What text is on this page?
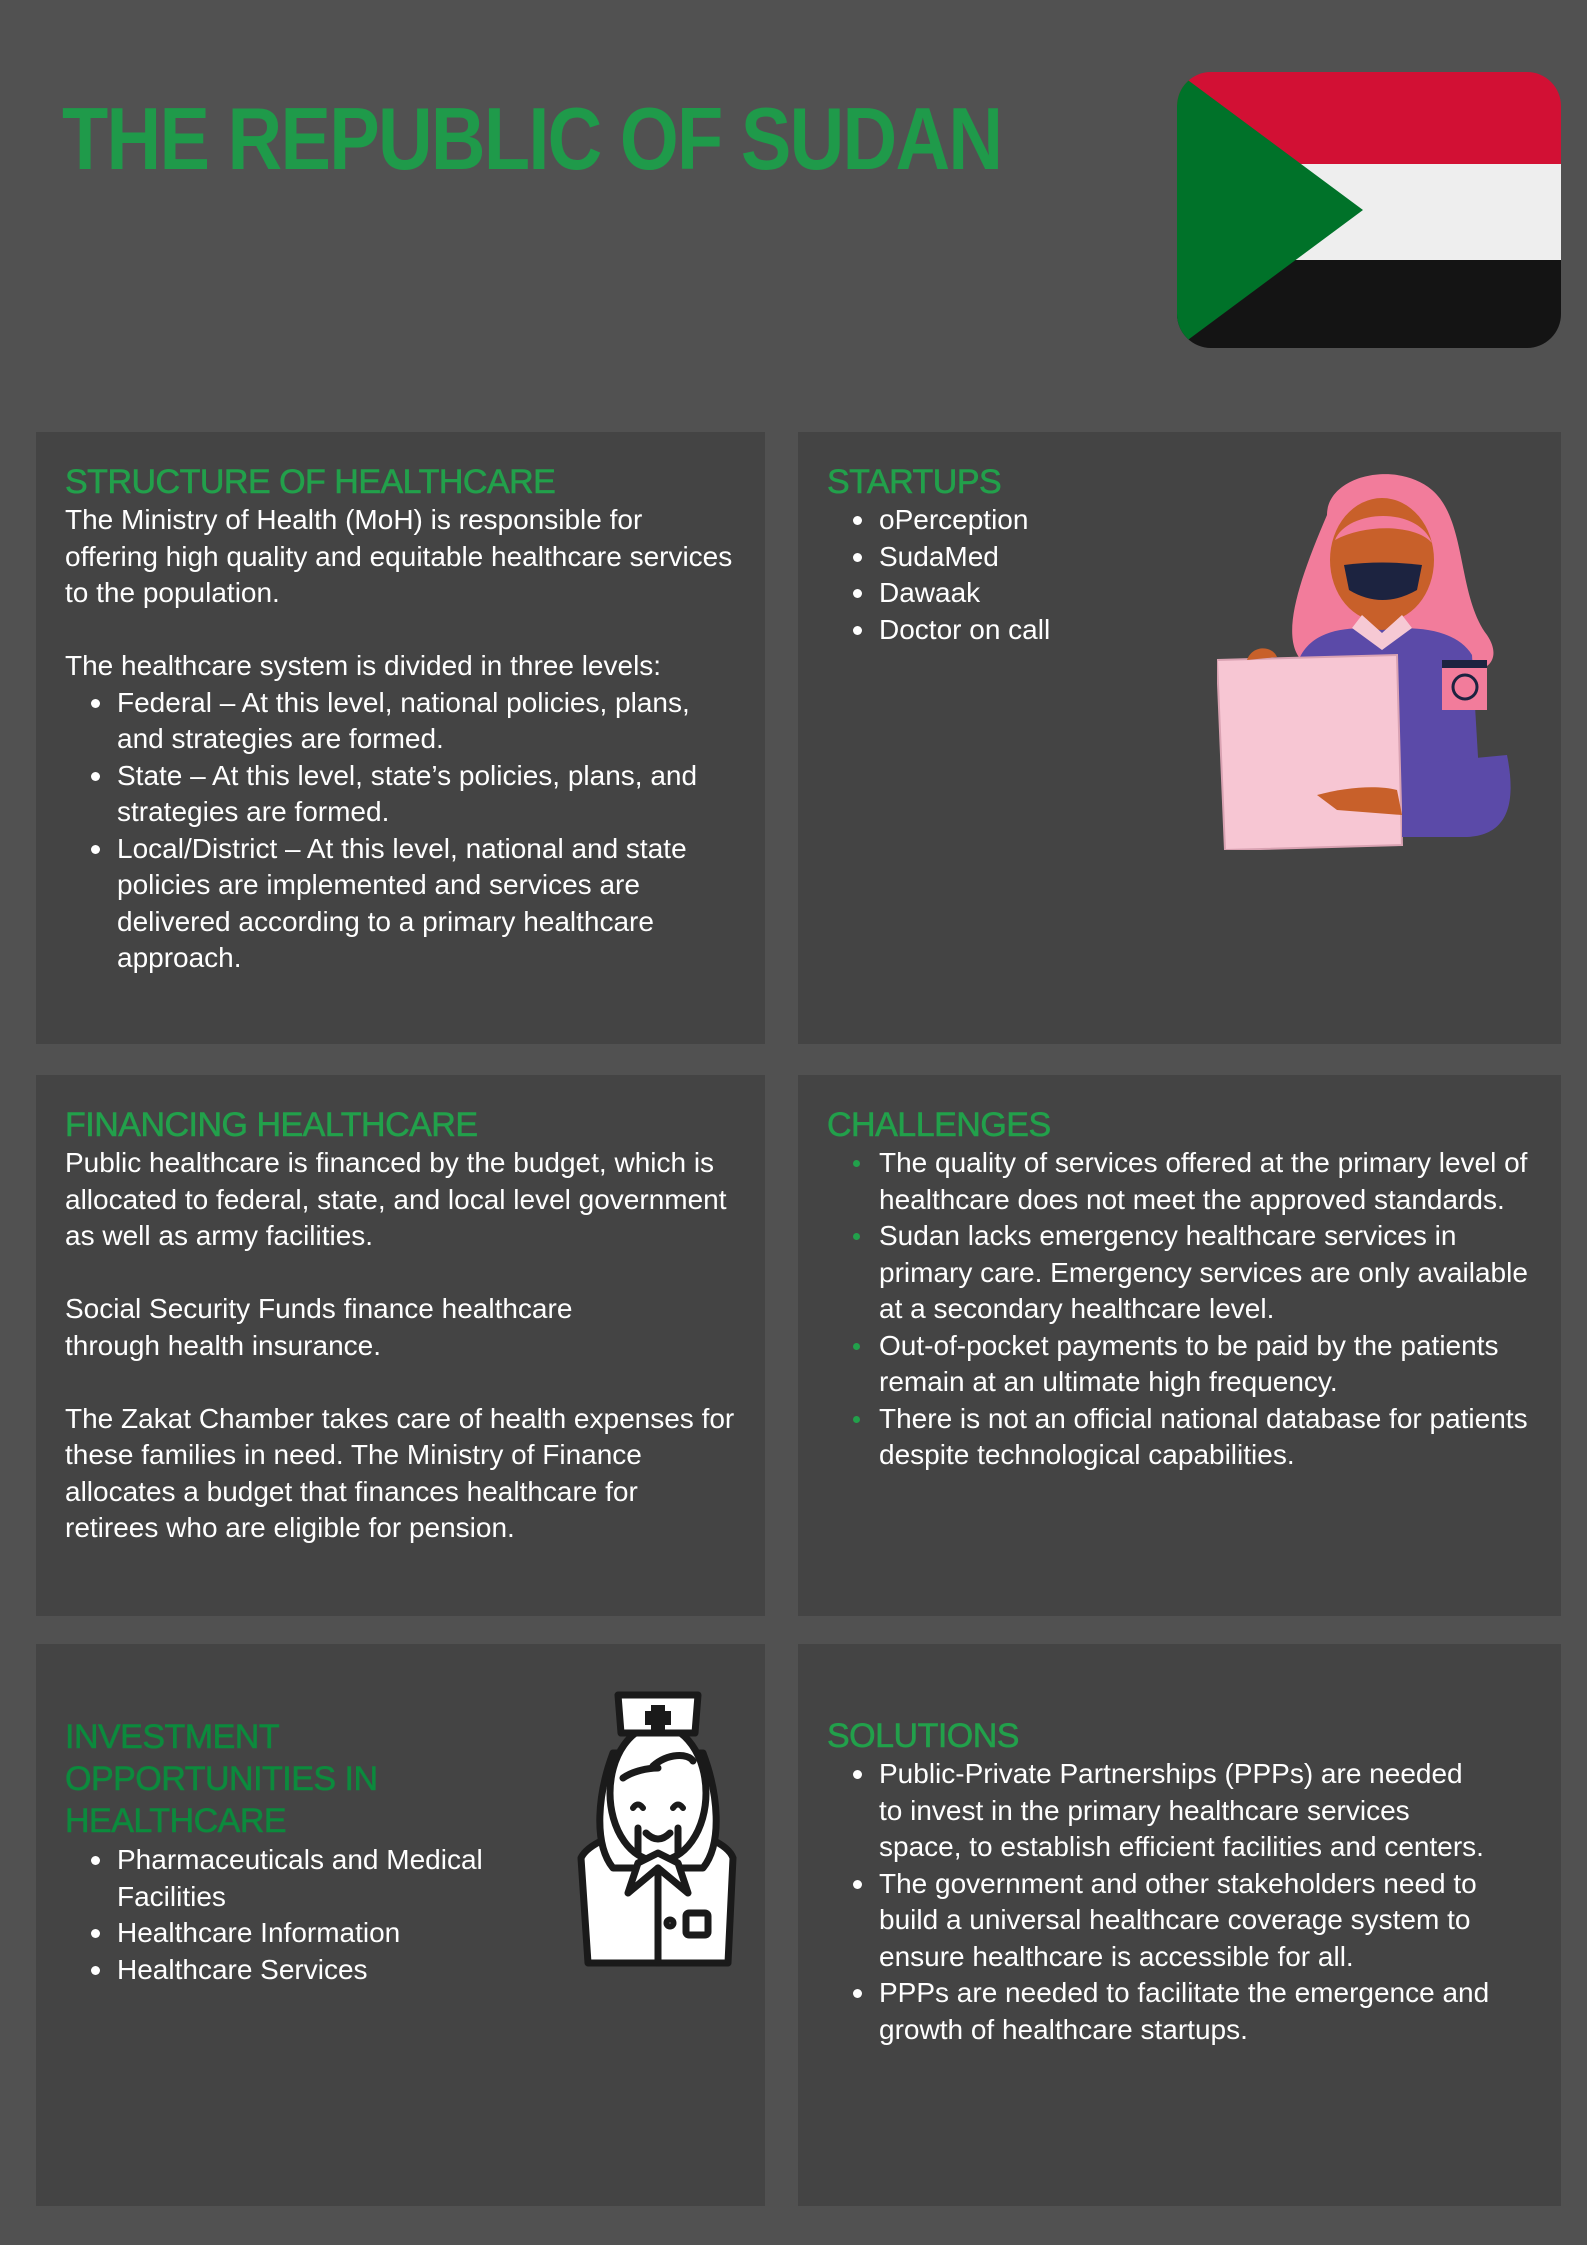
THE REPUBLIC OF SUDAN
STRUCTURE OF HEALTHCARE

The Ministry of Health (MoH) is responsible for offering high quality and equitable healthcare services to the population.

The healthcare system is divided in three levels:

Federal – At this level, national policies, plans, and strategies are formed.
State – At this level, state’s policies, plans, and strategies are formed.
Local/District – At this level, national and state policies are implemented and services are delivered according to a primary healthcare approach.
STARTUPS
oPerception
SudaMed
Dawaak
Doctor on call
FINANCING HEALTHCARE

Public healthcare is financed by the budget, which is allocated to federal, state, and local level government as well as army facilities.

Social Security Funds finance healthcare through health insurance.

The Zakat Chamber takes care of health expenses for these families in need. The Ministry of Finance allocates a budget that finances healthcare for retirees who are eligible for pension.

CHALLENGES
The quality of services offered at the primary level of healthcare does not meet the approved standards.
Sudan lacks emergency healthcare services in primary care. Emergency services are only available at a secondary healthcare level.
Out-of-pocket payments to be paid by the patients remain at an ultimate high frequency.
There is not an official national database for patients despite technological capabilities.
INVESTMENT OPPORTUNITIES IN HEALTHCARE
Pharmaceuticals and Medical Facilities
Healthcare Information
Healthcare Services
SOLUTIONS
Public-Private Partnerships (PPPs) are needed to invest in the primary healthcare services space, to establish efficient facilities and centers.
The government and other stakeholders need to build a universal healthcare coverage system to ensure healthcare is accessible for all.
PPPs are needed to facilitate the emergence and growth of healthcare startups.
